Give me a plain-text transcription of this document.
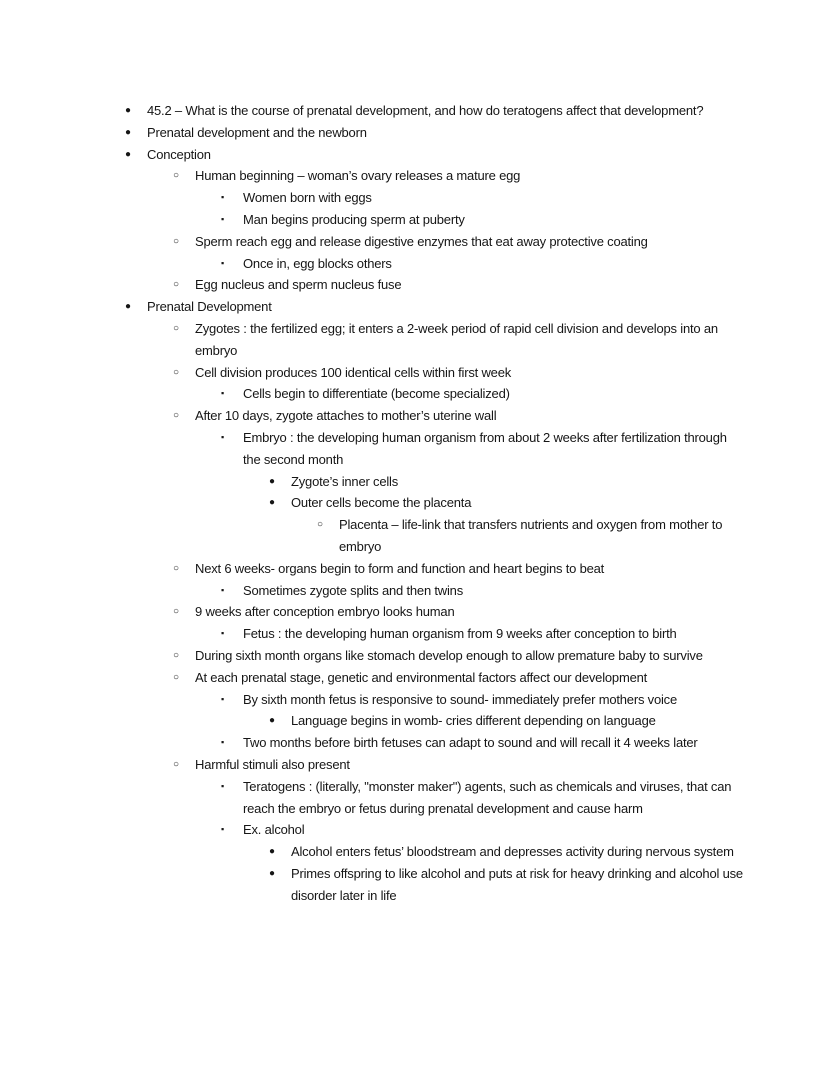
●	45.2 – What is the course of prenatal development, and how do teratogens affect that development?
●	Prenatal development and the newborn
●	Conception
○	Human beginning – woman’s ovary releases a mature egg
▪	Women born with eggs
▪	Man begins producing sperm at puberty
○	Sperm reach egg and release digestive enzymes that eat away protective coating
▪	Once in, egg blocks others
○	Egg nucleus and sperm nucleus fuse
●	Prenatal Development
○	Zygotes : the fertilized egg; it enters a 2-week period of rapid cell division and develops into an embryo
○	Cell division produces 100 identical cells within first week
▪	Cells begin to differentiate (become specialized)
○	After 10 days, zygote attaches to mother’s uterine wall
▪	Embryo : the developing human organism from about 2 weeks after fertilization through the second month
●	Zygote’s inner cells
●	Outer cells become the placenta
○	Placenta – life-link that transfers nutrients and oxygen from mother to embryo
○	Next 6 weeks- organs begin to form and function and heart begins to beat
▪	Sometimes zygote splits and then twins
○	9 weeks after conception embryo looks human
▪	Fetus : the developing human organism from 9 weeks after conception to birth
○	During sixth month organs like stomach develop enough to allow premature baby to survive
○	At each prenatal stage, genetic and environmental factors affect our development
▪	By sixth month fetus is responsive to sound- immediately prefer mothers voice
●	Language begins in womb- cries different depending on language
▪	Two months before birth fetuses can adapt to sound and will recall it 4 weeks later
○	Harmful stimuli also present
▪	Teratogens : (literally, "monster maker") agents, such as chemicals and viruses, that can reach the embryo or fetus during prenatal development and cause harm
▪	Ex. alcohol
●	Alcohol enters fetus’ bloodstream and depresses activity during nervous system
●	Primes offspring to like alcohol and puts at risk for heavy drinking and alcohol use disorder later in life
